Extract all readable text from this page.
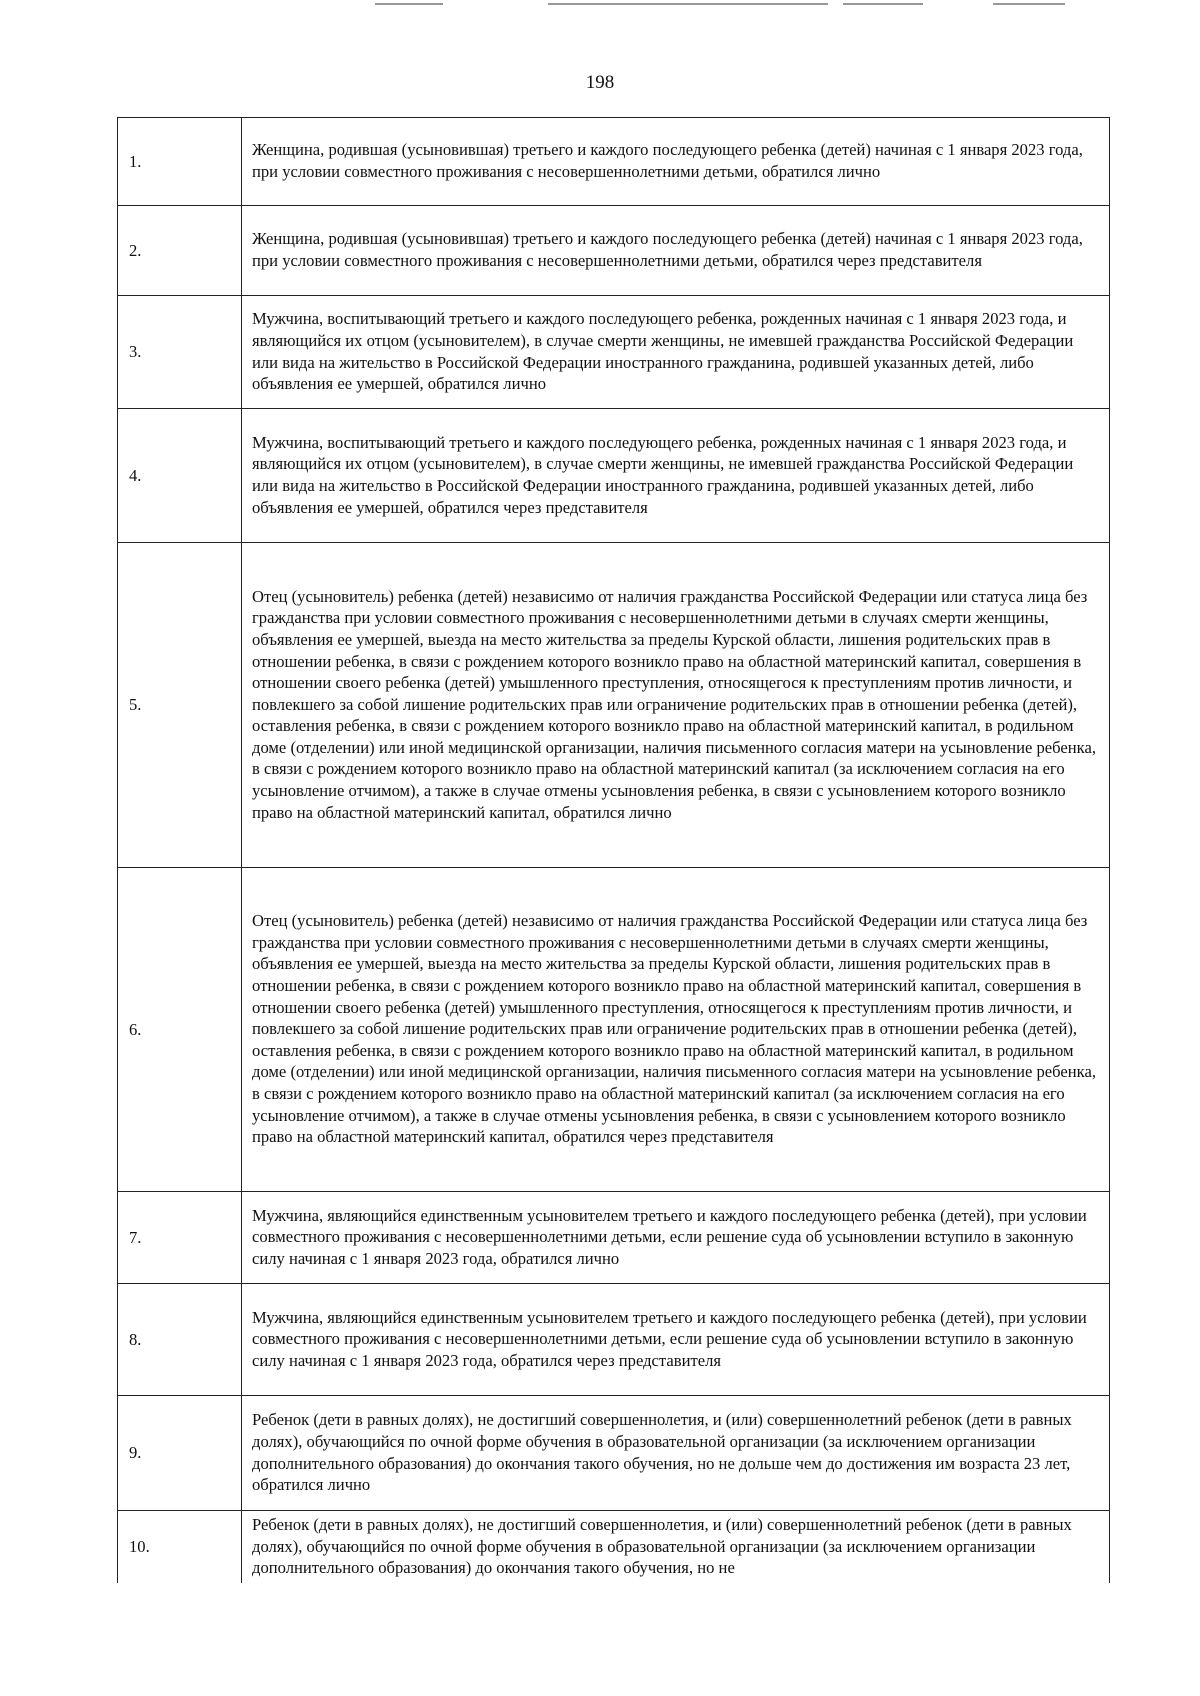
198
1.	Женщина, родившая (усыновившая) третьего и каждого последующего ребенка (детей) начиная с 1 января 2023 года, при условии совместного проживания с несовершеннолетними детьми, обратился лично
2.	Женщина, родившая (усыновившая) третьего и каждого последующего ребенка (детей) начиная с 1 января 2023 года, при условии совместного проживания с несовершеннолетними детьми, обратился через представителя
3.	Мужчина, воспитывающий третьего и каждого последующего ребенка, рожденных начиная с 1 января 2023 года, и являющийся их отцом (усыновителем), в случае смерти женщины, не имевшей гражданства Российской Федерации или вида на жительство в Российской Федерации иностранного гражданина, родившей указанных детей, либо объявления ее умершей, обратился лично
4.	Мужчина, воспитывающий третьего и каждого последующего ребенка, рожденных начиная с 1 января 2023 года, и являющийся их отцом (усыновителем), в случае смерти женщины, не имевшей гражданства Российской Федерации или вида на жительство в Российской Федерации иностранного гражданина, родившей указанных детей, либо объявления ее умершей, обратился через представителя
5.	Отец (усыновитель) ребенка (детей) независимо от наличия гражданства Российской Федерации или статуса лица без гражданства при условии совместного проживания с несовершеннолетними детьми в случаях смерти женщины, объявления ее умершей, выезда на место жительства за пределы Курской области, лишения родительских прав в отношении ребенка, в связи с рождением которого возникло право на областной материнский капитал, совершения в отношении своего ребенка (детей) умышленного преступления, относящегося к преступлениям против личности, и повлекшего за собой лишение родительских прав или ограничение родительских прав в отношении ребенка (детей), оставления ребенка, в связи с рождением которого возникло право на областной материнский капитал, в родильном доме (отделении) или иной медицинской организации, наличия письменного согласия матери на усыновление ребенка, в связи с рождением которого возникло право на областной материнский капитал (за исключением согласия на его усыновление отчимом), а также в случае отмены усыновления ребенка, в связи с усыновлением которого возникло право на областной материнский капитал, обратился лично
6.	Отец (усыновитель) ребенка (детей) независимо от наличия гражданства Российской Федерации или статуса лица без гражданства при условии совместного проживания с несовершеннолетними детьми в случаях смерти женщины, объявления ее умершей, выезда на место жительства за пределы Курской области, лишения родительских прав в отношении ребенка, в связи с рождением которого возникло право на областной материнский капитал, совершения в отношении своего ребенка (детей) умышленного преступления, относящегося к преступлениям против личности, и повлекшего за собой лишение родительских прав или ограничение родительских прав в отношении ребенка (детей), оставления ребенка, в связи с рождением которого возникло право на областной материнский капитал, в родильном доме (отделении) или иной медицинской организации, наличия письменного согласия матери на усыновление ребенка, в связи с рождением которого возникло право на областной материнский капитал (за исключением согласия на его усыновление отчимом), а также в случае отмены усыновления ребенка, в связи с усыновлением которого возникло право на областной материнский капитал, обратился через представителя
7.	Мужчина, являющийся единственным усыновителем третьего и каждого последующего ребенка (детей), при условии совместного проживания с несовершеннолетними детьми, если решение суда об усыновлении вступило в законную силу начиная с 1 января 2023 года, обратился лично
8.	Мужчина, являющийся единственным усыновителем третьего и каждого последующего ребенка (детей), при условии совместного проживания с несовершеннолетними детьми, если решение суда об усыновлении вступило в законную силу начиная с 1 января 2023 года, обратился через представителя
9.	Ребенок (дети в равных долях), не достигший совершеннолетия, и (или) совершеннолетний ребенок (дети в равных долях), обучающийся по очной форме обучения в образовательной организации (за исключением организации дополнительного образования) до окончания такого обучения, но не дольше чем до достижения им возраста 23 лет, обратился лично
10.	Ребенок (дети в равных долях), не достигший совершеннолетия, и (или) совершеннолетний ребенок (дети в равных долях), обучающийся по очной форме обучения в образовательной организации (за исключением организации дополнительного образования) до окончания такого обучения, но не
